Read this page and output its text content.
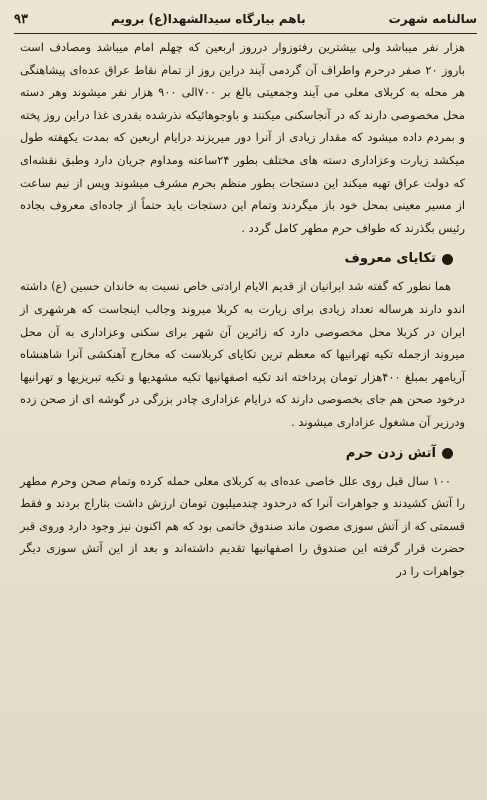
سالنامه شهرت
باهم بیارگاه سیدالشهدا(ع) برویم
۹۳

هزار نفر میباشد ولی بیشترین رفتوزوار درروز اربعین که چهلم امام میباشد ومصادف است باروز ۲۰ صفر درحرم واطراف آن گردمی آیند دراین روز از تمام نقاط عراق عده‌ای پیشاهنگی هر محله به کربلای معلی می آیند وجمعیتی بالغ بر ۷۰۰الی ۹۰۰ هزار نفر میشوند وهر دسته محل مخصوصی دارند که در آنجاسکنی میکنند و باوجوهائیکه نذرشده بقدری غذا دراین روز پخته و بمردم داده میشود که مقدار زیادی از آنرا دور میریزند درایام اربعین که بمدت یکهفته طول میکشد زیارت وعزاداری دسته های مختلف بطور ۲۴ساعته ومداوم جریان دارد وطبق نقشه‌ای که دولت عراق تهیه میکند این دستجات بطور منظم بحرم مشرف میشوند وپس از نیم ساعت از مسیر معینی بمحل خود باز میگردند وتمام این دستجات باید حتماً از جاده‌ای معروف بجاده رئیس بگذرند که طواف حرم مطهر کامل گردد .

تکایای معروف

هما نطور که گفته شد ایرانیان از قدیم الایام ارادتی خاص نسبت به خاندان حسین (ع) داشته اندو دارند هرساله تعداد زیادی برای زیارت به کربلا میروند وجالب اینجاست که هرشهری از ایران در کربلا محل مخصوصی دارد که زائرین آن شهر برای سکنی وعزاداری به آن محل میروند ازجمله تکیه تهرانیها که معظم ترین تکایای کربلاست که مخارج آهنکشی آنرا شاهنشاه آریامهر بمبلغ ۴۰۰هزار تومان پرداخته اند تکیه اصفهانیها تکیه مشهدیها و تکیه تبریزیها و تهرانیها درخود صحن هم جای بخصوصی دارند که درایام عزاداری چادر بزرگی در گوشه ای از صحن زده ودرزیر آن مشغول عزاداری میشوند .

آتش زدن حرم

۱۰۰ سال قبل روی علل خاصی عده‌ای به کربلای معلی حمله کرده وتمام صحن وحرم مطهر را آتش کشیدند و جواهرات آنرا که درحدود چندمیلیون تومان ارزش داشت بتاراج بردند و فقط قسمتی که از آتش سوزی مصون ماند صندوق خاتمی بود که هم اکنون نیز وجود دارد وروی قبر حضرت قرار گرفته این صندوق را اصفهانیها تقدیم داشته‌اند و بعد از این آتش سوزی دیگر جواهرات را در
